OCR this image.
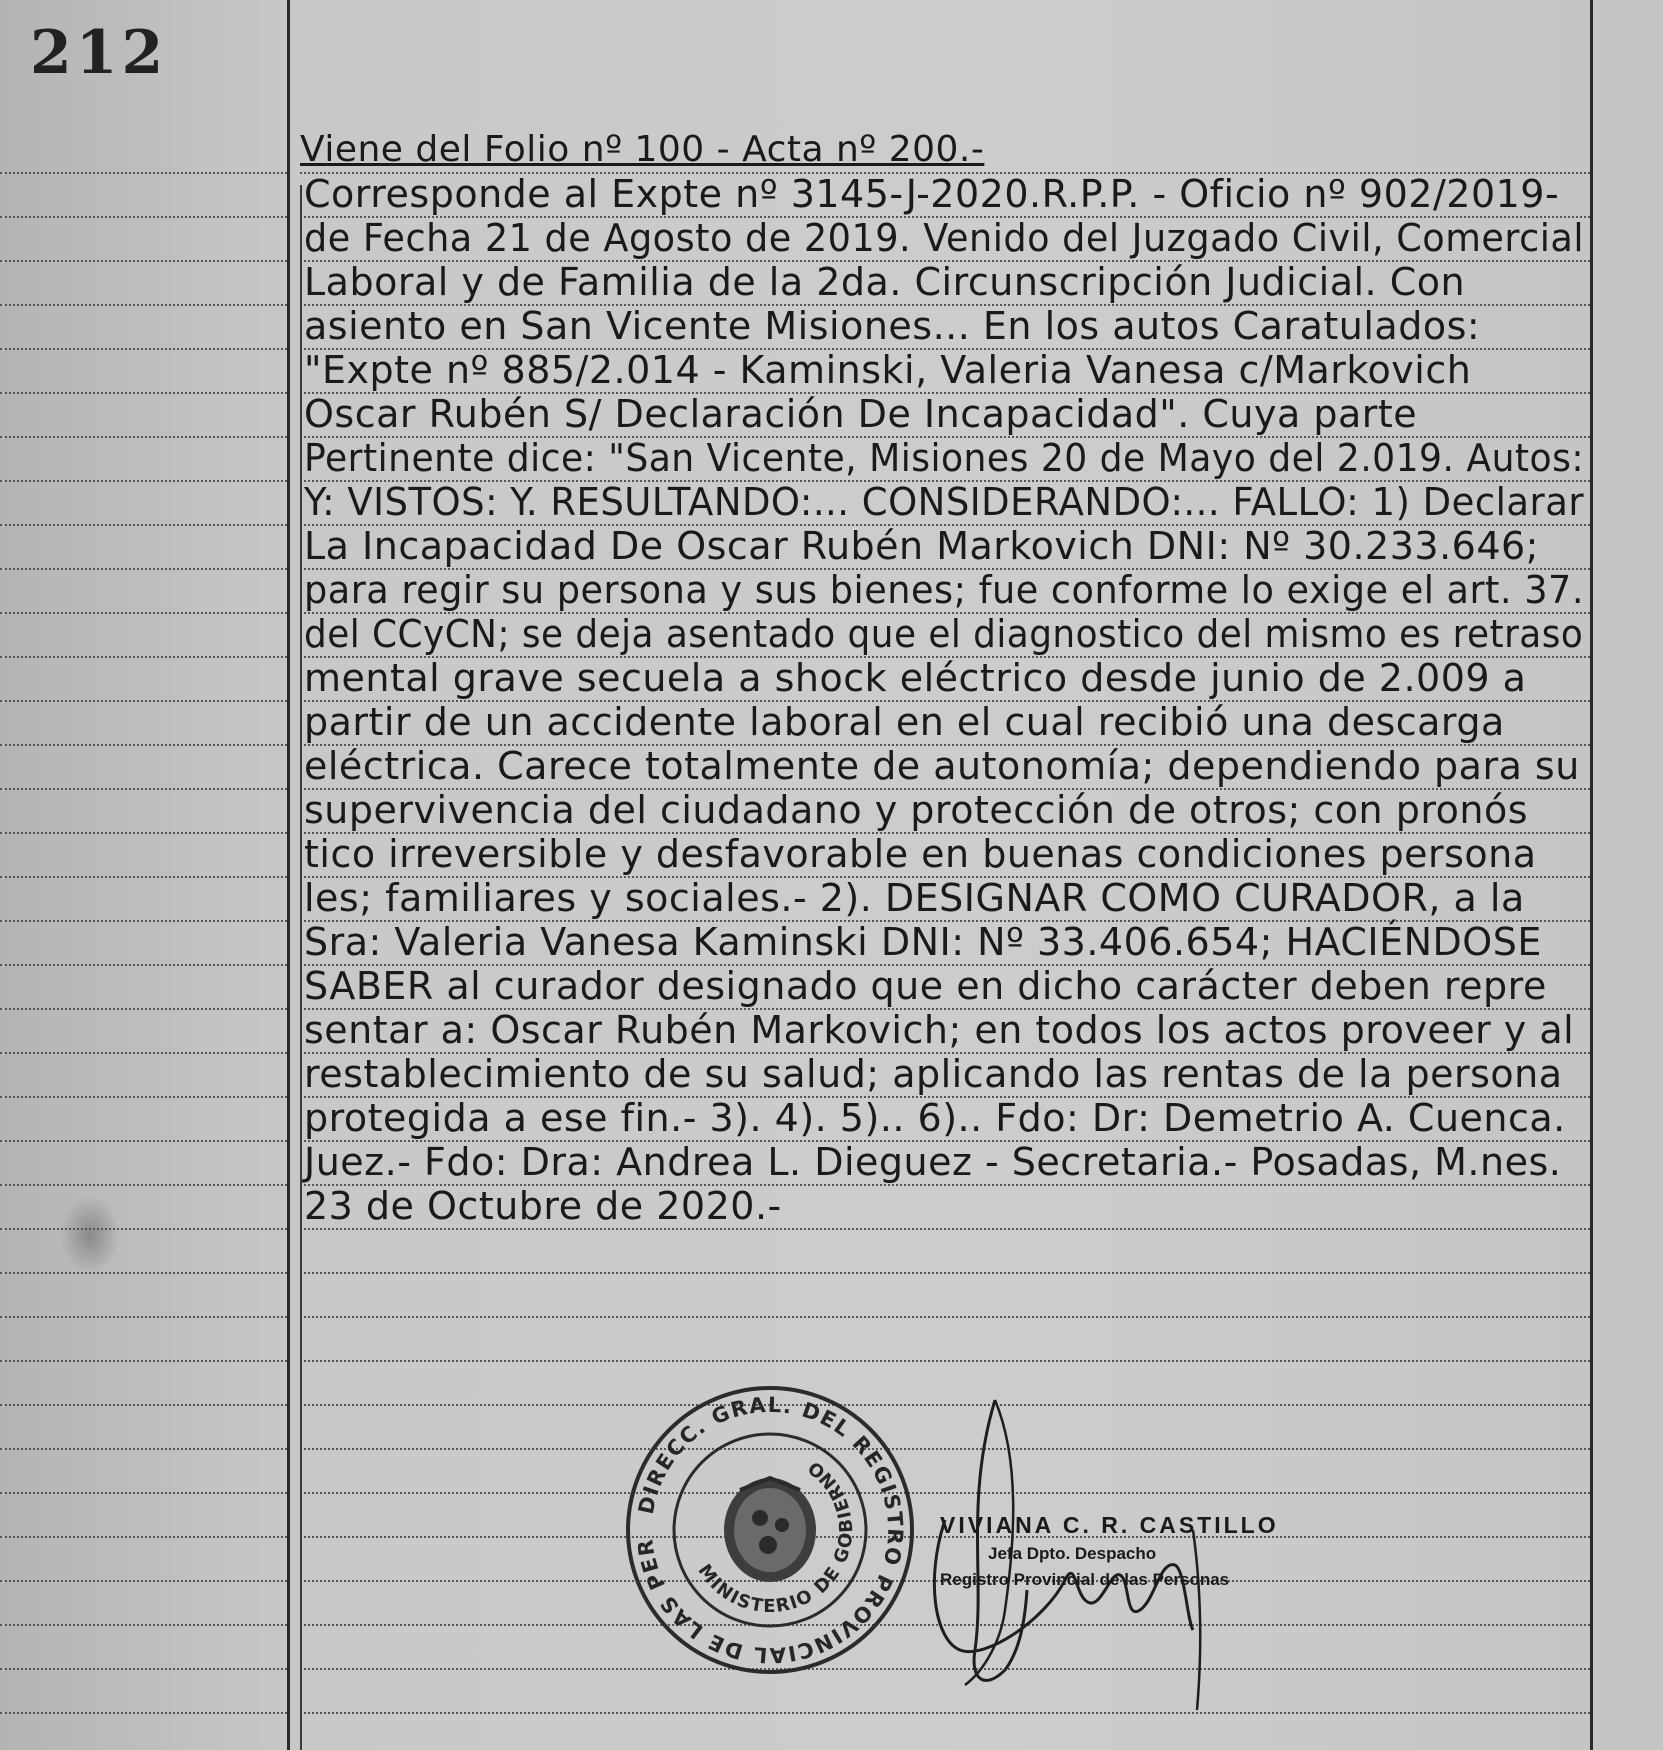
212
Viene del Folio nº 100 - Acta nº 200.-
Corresponde al Expte nº 3145-J-2020.R.P.P. - Oficio nº 902/2019-
de Fecha 21 de Agosto de 2019. Venido del Juzgado Civil, Comercial
Laboral y de Familia de la 2da. Circunscripción Judicial. Con
asiento en San Vicente Misiones... En los autos Caratulados:
"Expte nº 885/2.014 - Kaminski, Valeria Vanesa c/Markovich
Oscar Rubén S/ Declaración De Incapacidad". Cuya parte
Pertinente dice: "San Vicente, Misiones 20 de Mayo del 2.019. Autos:
Y: VISTOS: Y. RESULTANDO:... CONSIDERANDO:... FALLO: 1) Declarar
La Incapacidad De Oscar Rubén Markovich DNI: Nº 30.233.646;
para regir su persona y sus bienes; fue conforme lo exige el art. 37.
del CCyCN; se deja asentado que el diagnostico del mismo es retraso
mental grave secuela a shock eléctrico desde junio de 2.009 a
partir de un accidente laboral en el cual recibió una descarga
eléctrica. Carece totalmente de autonomía; dependiendo para su
supervivencia del ciudadano y protección de otros; con pronós
tico irreversible y desfavorable en buenas condiciones persona
les; familiares y sociales.- 2). DESIGNAR COMO CURADOR, a la
Sra: Valeria Vanesa Kaminski DNI: Nº 33.406.654; HACIÉNDOSE
SABER al curador designado que en dicho carácter deben repre
sentar a: Oscar Rubén Markovich; en todos los actos proveer y al
restablecimiento de su salud; aplicando las rentas de la persona
protegida a ese fin.- 3). 4). 5).. 6).. Fdo: Dr: Demetrio A. Cuenca.
Juez.- Fdo: Dra: Andrea L. Dieguez - Secretaria.- Posadas, M.nes.
23 de Octubre de 2020.-
DIRECC. GRAL. DEL REGISTRO PROVINCIAL DE LAS PER
MINISTERIO DE GOBIERNO
VIVIANA C. R. CASTILLO
Jefa Dpto. Despacho
Registro Provincial de las Personas
